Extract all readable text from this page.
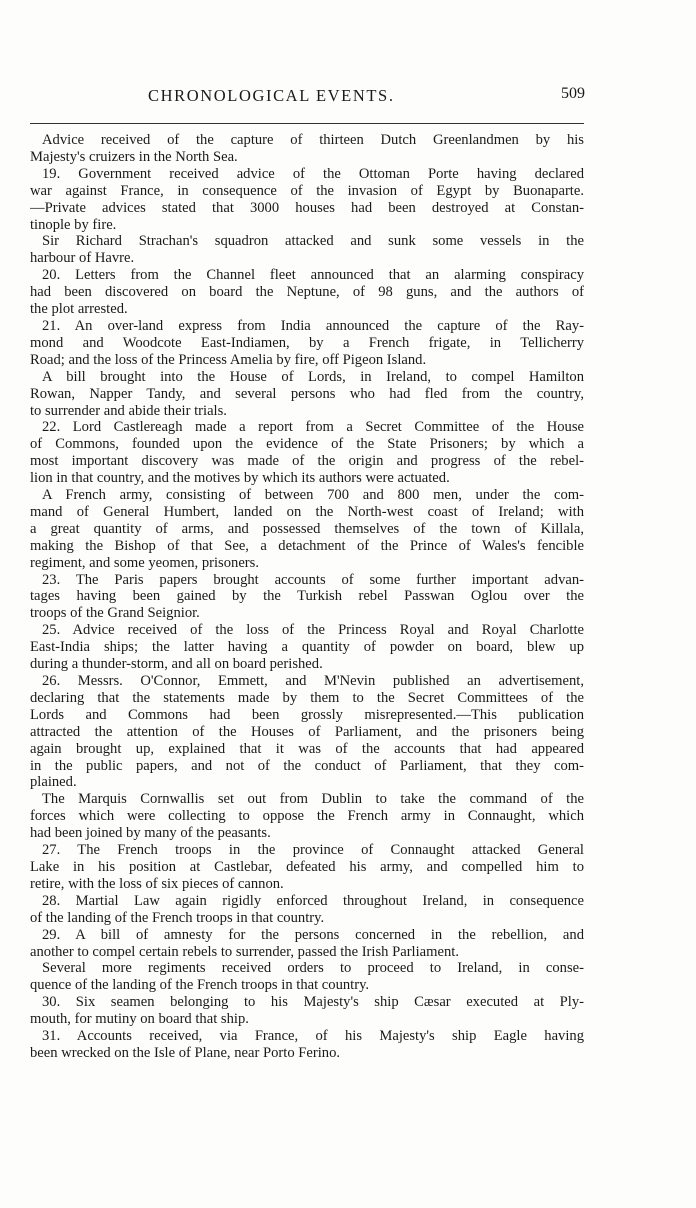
CHRONOLOGICAL EVENTS.	509
Advice received of the capture of thirteen Dutch Greenlandmen by his
Majesty's cruizers in the North Sea.
19. Government received advice of the Ottoman Porte having declared
war against France, in consequence of the invasion of Egypt by Buonaparte.
—Private advices stated that 3000 houses had been destroyed at Constan-
tinople by fire.
Sir Richard Strachan's squadron attacked and sunk some vessels in the
harbour of Havre.
20. Letters from the Channel fleet announced that an alarming conspiracy
had been discovered on board the Neptune, of 98 guns, and the authors of
the plot arrested.
21. An over-land express from India announced the capture of the Ray-
mond and Woodcote East-Indiamen, by a French frigate, in Tellicherry
Road; and the loss of the Princess Amelia by fire, off Pigeon Island.
A bill brought into the House of Lords, in Ireland, to compel Hamilton
Rowan, Napper Tandy, and several persons who had fled from the country,
to surrender and abide their trials.
22. Lord Castlereagh made a report from a Secret Committee of the House
of Commons, founded upon the evidence of the State Prisoners; by which a
most important discovery was made of the origin and progress of the rebel-
lion in that country, and the motives by which its authors were actuated.
A French army, consisting of between 700 and 800 men, under the com-
mand of General Humbert, landed on the North-west coast of Ireland; with
a great quantity of arms, and possessed themselves of the town of Killala,
making the Bishop of that See, a detachment of the Prince of Wales's fencible
regiment, and some yeomen, prisoners.
23. The Paris papers brought accounts of some further important advan-
tages having been gained by the Turkish rebel Passwan Oglou over the
troops of the Grand Seignior.
25. Advice received of the loss of the Princess Royal and Royal Charlotte
East-India ships; the latter having a quantity of powder on board, blew up
during a thunder-storm, and all on board perished.
26. Messrs. O'Connor, Emmett, and M'Nevin published an advertisement,
declaring that the statements made by them to the Secret Committees of the
Lords and Commons had been grossly misrepresented.—This publication
attracted the attention of the Houses of Parliament, and the prisoners being
again brought up, explained that it was of the accounts that had appeared
in the public papers, and not of the conduct of Parliament, that they com-
plained.
The Marquis Cornwallis set out from Dublin to take the command of the
forces which were collecting to oppose the French army in Connaught, which
had been joined by many of the peasants.
27. The French troops in the province of Connaught attacked General
Lake in his position at Castlebar, defeated his army, and compelled him to
retire, with the loss of six pieces of cannon.
28. Martial Law again rigidly enforced throughout Ireland, in consequence
of the landing of the French troops in that country.
29. A bill of amnesty for the persons concerned in the rebellion, and
another to compel certain rebels to surrender, passed the Irish Parliament.
Several more regiments received orders to proceed to Ireland, in conse-
quence of the landing of the French troops in that country.
30. Six seamen belonging to his Majesty's ship Cæsar executed at Ply-
mouth, for mutiny on board that ship.
31. Accounts received, via France, of his Majesty's ship Eagle having
been wrecked on the Isle of Plane, near Porto Ferino.
